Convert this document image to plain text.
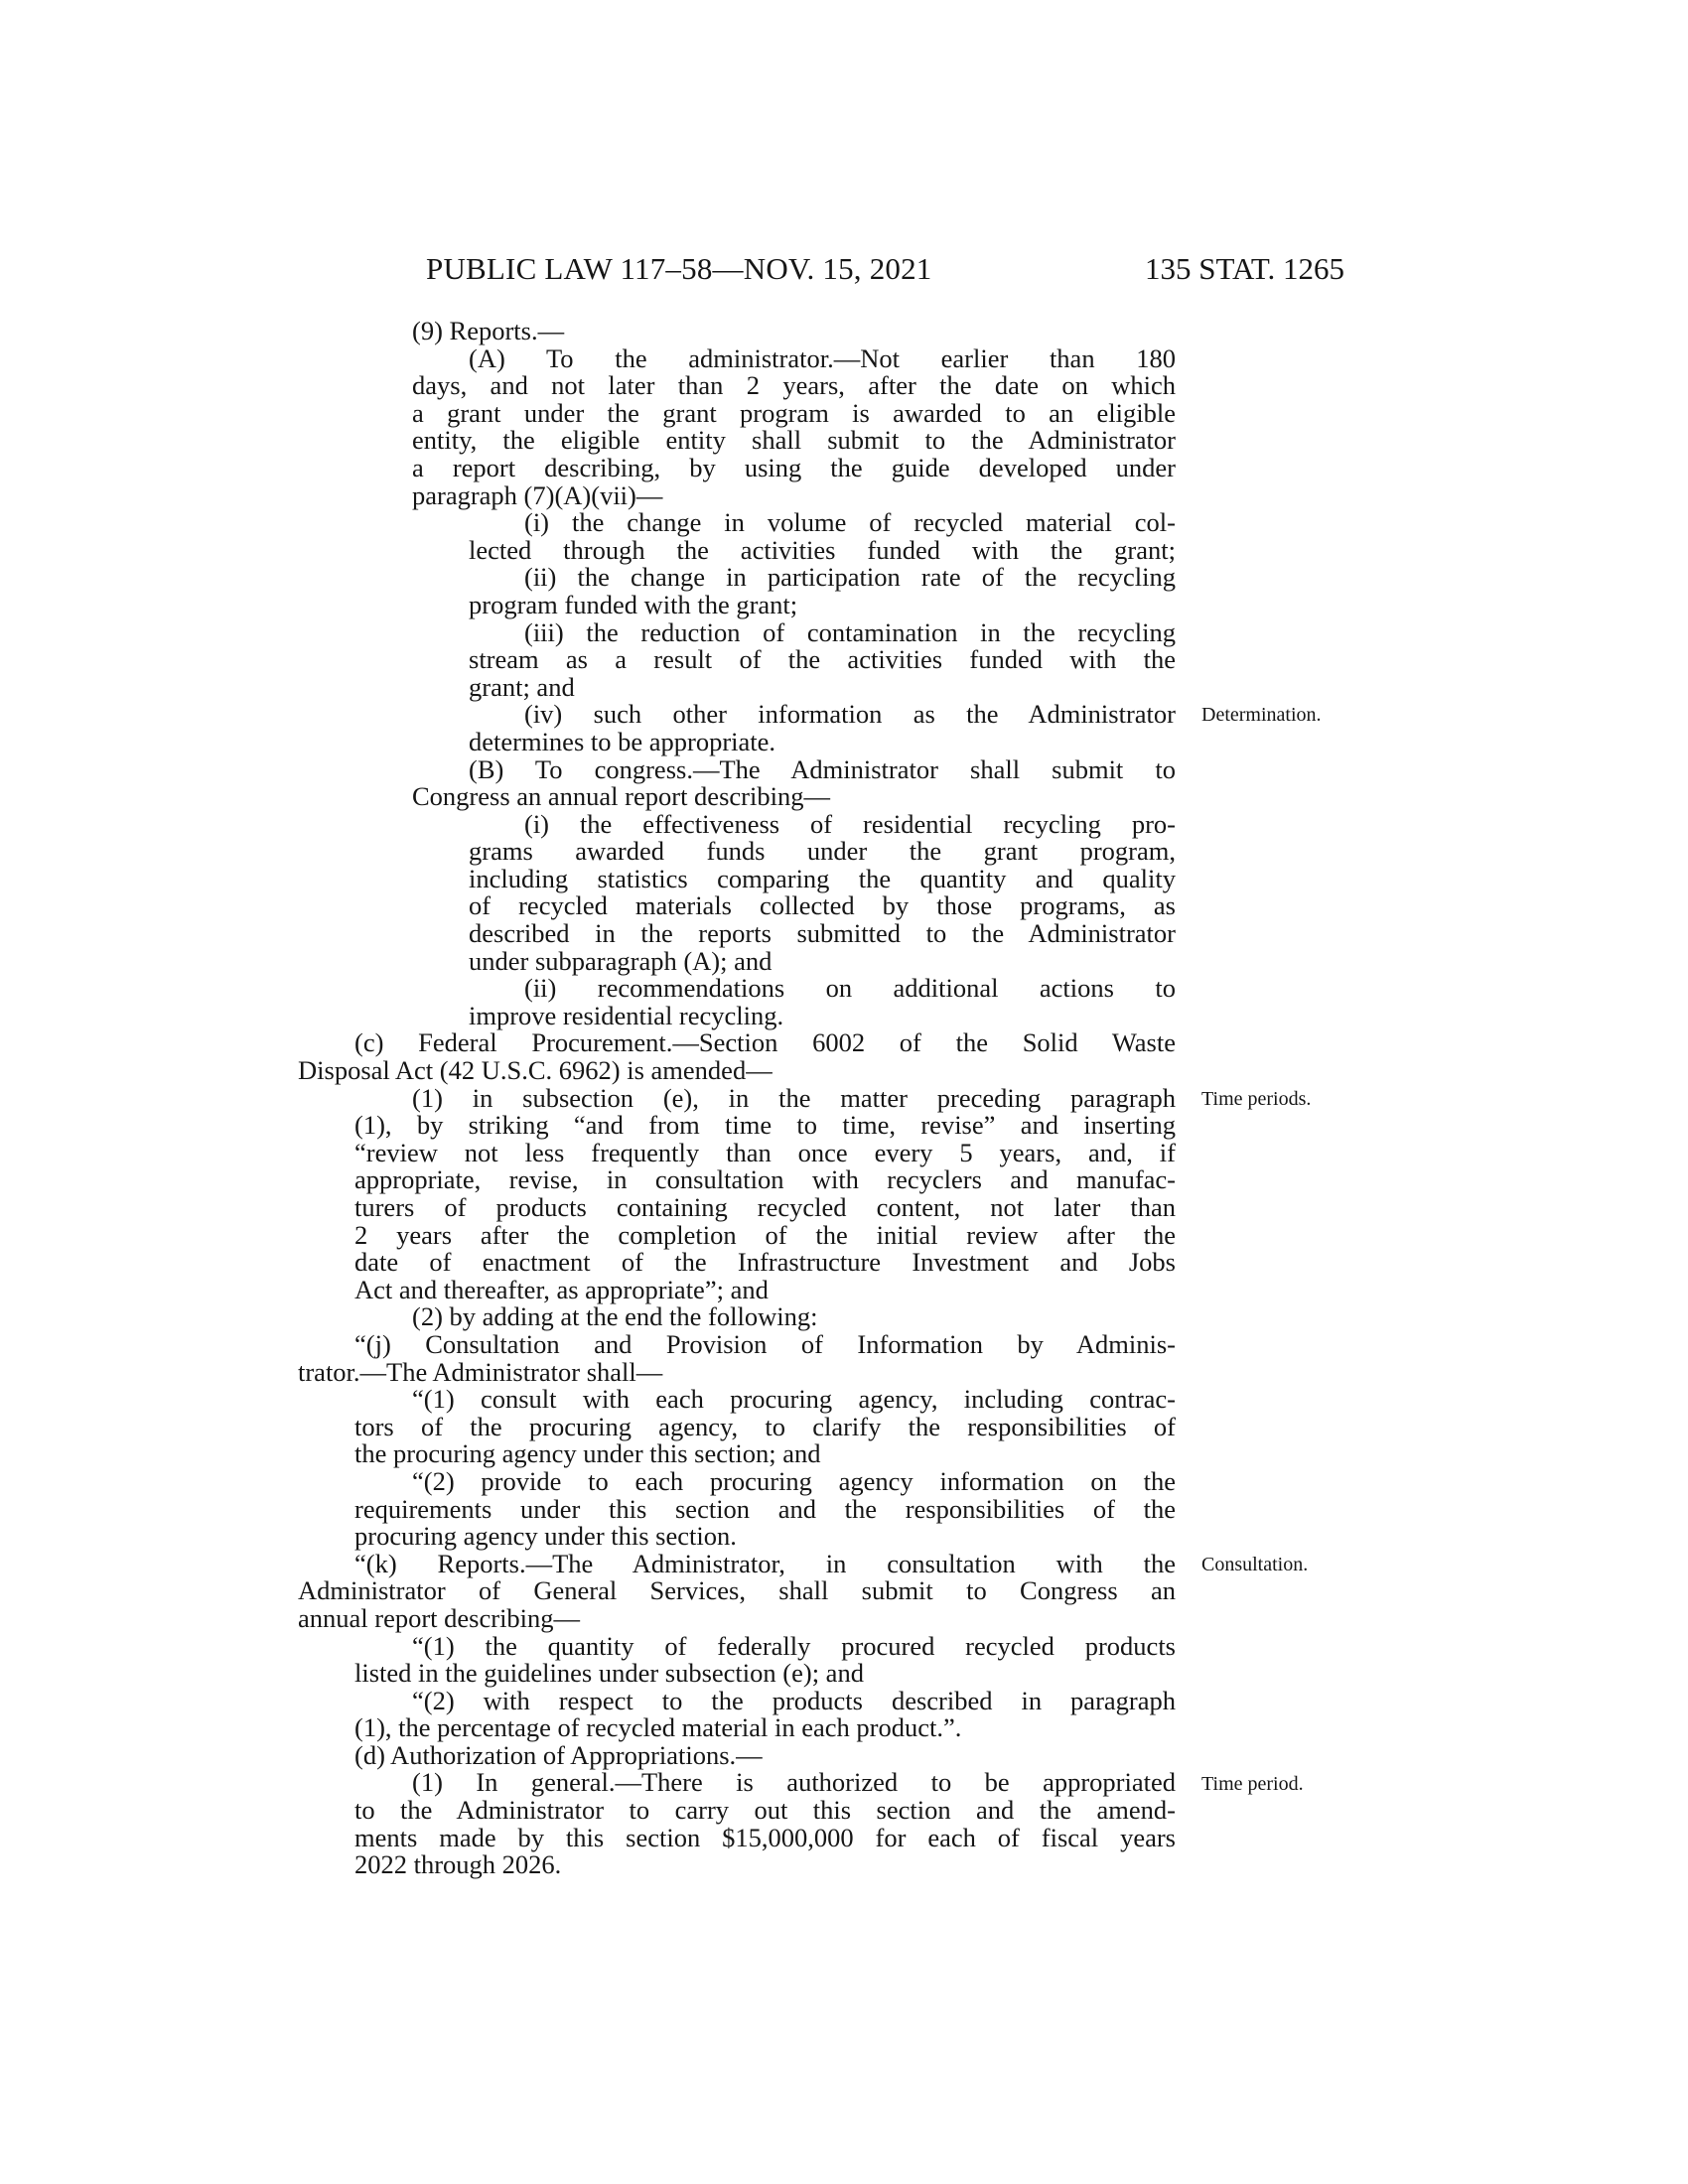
PUBLIC LAW 117–58—NOV. 15, 2021	135 STAT. 1265
(9) Reports.—
(A) To the administrator.—Not earlier than 180
days, and not later than 2 years, after the date on which
a grant under the grant program is awarded to an eligible
entity, the eligible entity shall submit to the Administrator
a report describing, by using the guide developed under
paragraph (7)(A)(vii)—
(i) the change in volume of recycled material col-
lected through the activities funded with the grant;
(ii) the change in participation rate of the recycling
program funded with the grant;
(iii) the reduction of contamination in the recycling
stream as a result of the activities funded with the
grant; and
(iv) such other information as the Administrator
determines to be appropriate.
(B) To congress.—The Administrator shall submit to
Congress an annual report describing—
(i) the effectiveness of residential recycling pro-
grams awarded funds under the grant program,
including statistics comparing the quantity and quality
of recycled materials collected by those programs, as
described in the reports submitted to the Administrator
under subparagraph (A); and
(ii) recommendations on additional actions to
improve residential recycling.
(c) Federal Procurement.—Section 6002 of the Solid Waste
Disposal Act (42 U.S.C. 6962) is amended—
(1) in subsection (e), in the matter preceding paragraph
(1), by striking “and from time to time, revise” and inserting
“review not less frequently than once every 5 years, and, if
appropriate, revise, in consultation with recyclers and manufac-
turers of products containing recycled content, not later than
2 years after the completion of the initial review after the
date of enactment of the Infrastructure Investment and Jobs
Act and thereafter, as appropriate”; and
(2) by adding at the end the following:
“(j) Consultation and Provision of Information by Adminis-
trator.—The Administrator shall—
“(1) consult with each procuring agency, including contrac-
tors of the procuring agency, to clarify the responsibilities of
the procuring agency under this section; and
“(2) provide to each procuring agency information on the
requirements under this section and the responsibilities of the
procuring agency under this section.
“(k) Reports.—The Administrator, in consultation with the
Administrator of General Services, shall submit to Congress an
annual report describing—
“(1) the quantity of federally procured recycled products
listed in the guidelines under subsection (e); and
“(2) with respect to the products described in paragraph
(1), the percentage of recycled material in each product.”.
(d) Authorization of Appropriations.—
(1) In general.—There is authorized to be appropriated
to the Administrator to carry out this section and the amend-
ments made by this section $15,000,000 for each of fiscal years
2022 through 2026.
Determination.
Time periods.
Consultation.
Time period.
